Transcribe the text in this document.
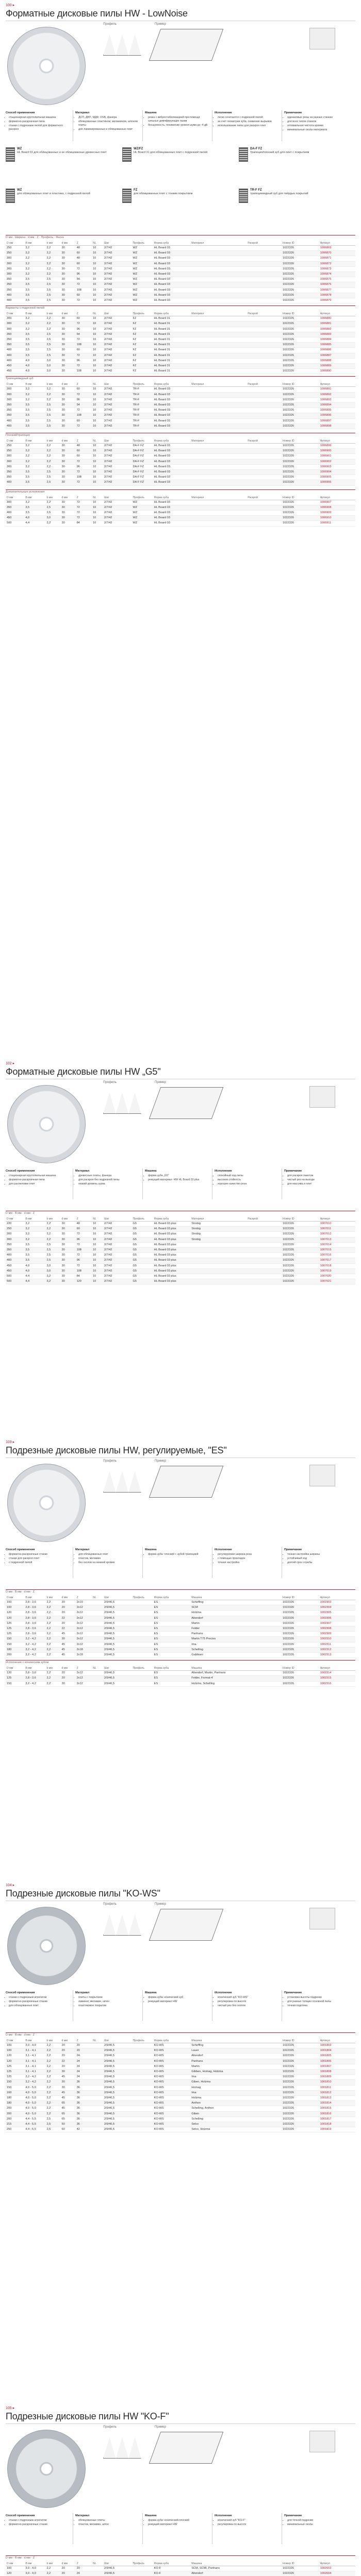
100 ▸
Форматные дисковые пилы HW - LowNoise
Профиль	Пример
Способ применения
• стационарная круглопильная машина
• форматно-раскроечная пила
• станки с подрезным пилой для форматного раскроя
Материал
• ДСП, ДВП, МДФ, OSB, фанера
• облицованные пластиком, меламином, шпоном плиты
• для ламинированных и облицованных плит
Машина
• резка с вибростабилизацией при помощи сильных демпфирующих пазов
• бесшумность, понижение уровня шума до -4 дБ
Исполнение
• легко сочетается с подрезной пилой
• за счёт геометрии зуба, снижение вырывов
• использование пилы для раскроя плит
Примечание
• одинаковые резы на разных станках
• для всех типов станков
• оптимальная чистота кромки
• минимальные сколы материала
WZ
HL Board 03 для облицованных и не облицованных древесных плит
WZ/FZ
HL Board 31 для облицованных плит с подрезной пилой
DA-F FZ
Трапеция/плоский зуб для плит с покрытием
WZ
для облицованных плит и пластика, с подрезной пилой
FZ
для облицованных плит с тонким покрытием
TR-F FZ
трапециевидный зуб для твёрдых покрытий
D мм · Ширина · d мм · Z · Профиль · Фаска
D мм	B мм	b мм	d мм	Z	NL	Шаг	Профиль	Форма зуба	Материал	Раскрой	Номер ID	Артикул
250	3,2	2,2	30	48	10	2/7/42	WZ	HL Board 03			1022326	1006869
250	3,2	2,2	30	60	10	2/7/42	WZ	HL Board 03			1022326	1006870
300	3,2	2,2	30	48	10	2/7/42	WZ	HL Board 03			1022326	1006871
300	3,2	2,2	30	60	10	2/7/42	WZ	HL Board 03			1022326	1006872
300	3,2	2,2	30	72	10	2/7/42	WZ	HL Board 03			1022326	1006873
300	3,2	2,2	30	96	10	2/7/42	WZ	HL Board 03			1022326	1006874
350	3,5	2,5	30	54	10	2/7/42	WZ	HL Board 03			1022326	1006875
350	3,5	2,5	30	72	10	2/7/42	WZ	HL Board 03			1022326	1006876
350	3,5	2,5	30	108	10	2/7/42	WZ	HL Board 03			1022326	1006877
400	3,5	2,5	30	60	10	2/7/42	WZ	HL Board 03			1022326	1006878
400	3,5	2,5	30	72	10	2/7/42	WZ	HL Board 03			1022326	1006879
Варианты с подрезной пилой
D мм	B мм	b мм	d мм	Z	NL	Шаг	Профиль	Форма зуба	Материал	Раскрой	Номер ID	Артикул
300	3,2	2,2	30	60	10	2/7/42	FZ	HL Board 31			1022326	1006880
300	3,2	2,2	30	72	10	2/7/42	FZ	HL Board 31			1022326	1006881
300	3,2	2,2	30	96	10	2/7/42	FZ	HL Board 31			1022326	1006882
350	3,5	2,5	30	54	10	2/7/42	FZ	HL Board 31			1022326	1006883
350	3,5	2,5	30	72	10	2/7/42	FZ	HL Board 31			1022326	1006884
350	3,5	2,5	30	108	10	2/7/42	FZ	HL Board 31			1022326	1006885
400	3,5	2,5	30	60	10	2/7/42	FZ	HL Board 31			1022326	1006886
400	3,5	2,5	30	72	10	2/7/42	FZ	HL Board 31			1022326	1006887
400	4,0	3,0	30	96	10	2/7/42	FZ	HL Board 31			1022326	1006888
450	4,0	3,0	30	72	10	2/7/42	FZ	HL Board 31			1022326	1006889
450	4,0	3,0	30	108	10	2/7/42	FZ	HL Board 31			1022326	1006890
Трапециевидный зуб
D мм	B мм	b мм	d мм	Z	NL	Шаг	Профиль	Форма зуба	Материал	Раскрой	Номер ID	Артикул
300	3,2	2,2	30	60	10	2/7/42	TR-F	HL Board 03			1022326	1006891
300	3,2	2,2	30	72	10	2/7/42	TR-F	HL Board 03			1022326	1006892
300	3,2	2,2	30	96	10	2/7/42	TR-F	HL Board 03			1022326	1006893
350	3,5	2,5	30	54	10	2/7/42	TR-F	HL Board 03			1022326	1006894
350	3,5	2,5	30	72	10	2/7/42	TR-F	HL Board 03			1022326	1006895
350	3,5	2,5	30	108	10	2/7/42	TR-F	HL Board 03			1022326	1006896
400	3,5	2,5	30	60	10	2/7/42	TR-F	HL Board 03			1022326	1006897
400	3,5	2,5	30	72	10	2/7/42	TR-F	HL Board 03			1022326	1006898
Плоский/трапеция
D мм	B мм	b мм	d мм	Z	NL	Шаг	Профиль	Форма зуба	Материал	Раскрой	Номер ID	Артикул
250	3,2	2,2	30	48	10	2/7/42	DA-F FZ	HL Board 03			1022326	1006899
250	3,2	2,2	30	60	10	2/7/42	DA-F FZ	HL Board 03			1022326	1006900
300	3,2	2,2	30	60	10	2/7/42	DA-F FZ	HL Board 03			1022326	1006901
300	3,2	2,2	30	72	10	2/7/42	DA-F FZ	HL Board 03			1022326	1006902
300	3,2	2,2	30	96	10	2/7/42	DA-F FZ	HL Board 03			1022326	1006903
350	3,5	2,5	30	72	10	2/7/42	DA-F FZ	HL Board 03			1022326	1006904
350	3,5	2,5	30	108	10	2/7/42	DA-F FZ	HL Board 03			1022326	1006905
400	3,5	2,5	30	72	10	2/7/42	DA-F FZ	HL Board 03			1022326	1006906
Дополнительные исполнения
D мм	B мм	b мм	d мм	Z	NL	Шаг	Профиль	Форма зуба	Материал	Раскрой	Номер ID	Артикул
300	3,2	2,2	30	72	10	2/7/42	WZ	HL Board 03			1022326	1006907
350	3,5	2,5	30	72	10	2/7/42	WZ	HL Board 03			1022326	1006908
400	3,5	2,5	30	72	10	2/7/42	WZ	HL Board 03			1022326	1006909
450	4,0	3,0	30	72	10	2/7/42	WZ	HL Board 03			1022326	1006910
500	4,4	3,2	30	84	10	2/7/42	WZ	HL Board 03			1022326	1006911
102 ▸
Форматные дисковые пилы HW „G5"
Профиль	Пример
Способ применения
• стационарная круглопильная машина
• форматно-раскроечная пила
• для распиловки плит
Материал
• древесные плиты, фанера
• для раскроя без подрезной пилы
• низкий уровень шума
Машина
• форма зуба „G5"
• режущий материал: HW HL Board 03 plus
Исполнение
• спокойный ход пилы
• высокая стойкость
• хорошее качество реза
Примечание
• для раскроя пакетом
• чистый рез на выходе
• для массива и плит
D мм · B мм · d мм · Z
D мм	B мм	b мм	d мм	Z	NL	Шаг	Профиль	Форма зуба	Материал	Раскрой	Номер ID	Артикул
220	3,2	2,2	30	48	10	2/7/42	G5	HL Board 03 plus	Strobig		1022326	1007010
250	3,2	2,2	30	60	10	2/7/42	G5	HL Board 03 plus	Strobig		1022326	1007011
300	3,2	2,2	30	72	10	2/7/42	G5	HL Board 03 plus	Strobig		1022326	1007012
300	3,2	2,2	30	96	10	2/7/42	G5	HL Board 03 plus	Strobig		1022326	1007013
350	3,5	2,5	30	72	10	2/7/42	G5	HL Board 03 plus			1022326	1007014
350	3,5	2,5	30	108	10	2/7/42	G5	HL Board 03 plus			1022326	1007015
400	3,5	2,5	30	72	10	2/7/42	G5	HL Board 03 plus			1022326	1007016
400	3,5	2,5	30	96	10	2/7/42	G5	HL Board 03 plus			1022326	1007017
450	4,0	3,0	30	72	10	2/7/42	G5	HL Board 03 plus			1022326	1007018
450	4,0	3,0	30	108	10	2/7/42	G5	HL Board 03 plus			1022326	1007019
500	4,4	3,2	30	84	10	2/7/42	G5	HL Board 03 plus			1022326	1007020
500	4,4	3,2	30	120	10	2/7/42	G5	HL Board 03 plus			1022326	1007021
103 ▸
Подрезные дисковые пилы HW, регулируемые, "ES"
Профиль	Пример
Способ применения
• форматно-раскроечные станки
• станки для раскроя плит
• с подрезной пилой
Материал
• для облицованных плит
• пластик, меламин
• без сколов на нижней кромке
Машина
• форма зуба: плоский + зубой трапецией
Исполнение
• регулируемая ширина реза
• с помощью прокладок
• точная настройка
Примечание
• тонкая настройка ширины
• устойчивый ход
• долгий срок службы
D мм · B мм · d мм · Z
D мм	B мм	b мм	d мм	Z	NL	Шаг	Профиль	Форма зуба	Машина		Номер ID	Артикул
100	2,8 - 3,6	2,2	20	2x10		2/9/46,5		ES	Scheffing		1022326	1002303
100	2,8 - 3,6	2,2	20	2x12		2/9/46,5		ES	SCM		1022326	1002304
120	2,8 - 3,6	2,2	20	2x12		2/9/46,5		ES	Holzma		1022326	1002305
120	2,8 - 3,6	2,2	22	2x12		2/9/46,5		ES	Altendorf		1022326	1002306
125	2,8 - 3,6	2,2	20	2x12		2/9/46,5		ES	Martin		1022326	1002307
125	2,8 - 3,6	2,2	22	2x12		2/9/46,5		ES	Felder		1022326	1002308
125	2,8 - 3,6	2,2	45	2x12		2/9/46,5		ES	Panhans		1022326	1002309
150	3,2 - 4,2	2,2	30	2x12		2/9/46,5		ES	Martin T75 Preciso		1022326	1002310
150	3,2 - 4,2	2,2	45	2x12		2/9/46,5		ES	Ima		1022326	1002311
180	3,2 - 4,2	2,2	45	2x18		2/9/46,5		ES	Schelling		1022326	1002312
200	3,2 - 4,2	2,2	45	2x18		2/9/46,5		ES	Gabbiani		1022326	1002313
Исполнение с коническим зубом
D мм	B мм	b мм	d мм	Z	NL	Шаг	Профиль	Форма зуба	Машина		Номер ID	Артикул
120	2,8 - 3,6	2,2	20	2x12		2/9/46,5		ES	Altendorf, Martin, Panhans		1022326	1002314
125	2,8 - 3,6	2,2	20	2x12		2/9/46,5		ES	Felder, Format-4		1022326	1002315
150	3,2 - 4,2	2,2	30	2x12		2/9/46,5		ES	Holzma, Schelling		1022326	1002316
104 ▸
Подрезные дисковые пилы "KO-WS"
Профиль	Пример
Способ применения
• станки с подрезным агрегатом
• форматно-раскроечные станки
• для облицованных плит
Материал
• плиты с покрытием
• ламинат, меламин, шпон
• пластиковое покрытие
Машина
• форма зуба: конический зуб
• режущий материал HW
Исполнение
• конический зуб "KO-WS"
• регулировка по высоте
• чистый рез без сколов
Примечание
• установка высоты подрезки
• для разных толщин основной пилы
• точная подгонка
D мм · B мм · d мм · Z
D мм	B мм	b мм	d мм	Z	NL	Шаг	Профиль	Форма зуба	Машина		Номер ID	Артикул
100	3,0 - 4,0	2,2	20	20		2/9/46,5		KO-WS	Scheffing		1022326	1001803
100	3,1 - 4,1	2,2	20	20		2/9/46,5		KO-WS	Lauer		1022326	1001804
120	3,1 - 4,1	2,2	20	24		2/9/46,5		KO-WS	Altendorf		1022326	1001805
120	3,1 - 4,1	2,2	22	24		2/9/46,5		KO-WS	Panhans		1022326	1001806
125	3,1 - 4,1	2,2	20	24		2/9/46,5		KO-WS	Martin		1022326	1001807
125	3,1 - 4,1	2,2	30	24		2/9/46,5		KO-WS	Gibben, Homag, Holzma		1022326	1001808
125	3,2 - 4,2	2,2	45	24		2/9/46,5		KO-WS	Ima		1022326	1001809
150	3,2 - 4,2	2,2	30	36		2/9/46,5		KO-WS	Giben, Holzma		1022326	1001810
150	4,0 - 5,0	2,2	30	36		2/9/46,5		KO-WS	Homag		1022326	1001811
160	4,0 - 5,0	2,2	45	36		2/9/46,5		KO-WS	Ima		1022326	1001812
180	4,0 - 5,0	2,2	45	36		2/9/46,5		KO-WS	Holzma		1022326	1001813
180	4,0 - 5,0	2,2	65	36		2/9/46,5		KO-WS	Anthon		1022326	1001814
200	4,0 - 5,0	2,2	45	36		2/9/46,5		KO-WS	Schelling, Anthon		1022326	1001815
200	4,0 - 5,0	2,2	65	36		2/9/46,5		KO-WS	Giben		1022326	1001816
200	4,4 - 5,5	2,5	65	36		2/9/46,5		KO-WS	Schelling		1022326	1001817
215	4,4 - 5,5	2,5	50	36		2/9/46,5		KO-WS	Selco		1022326	1001818
250	4,4 - 5,5	2,5	60	42		2/9/46,5		KO-WS	Selco, Holzma		1022326	1001819
105 ▸
Подрезные дисковые пилы HW "KO-F"
Профиль	Пример
Способ применения
• станки с подрезным агрегатом
• форматно-раскроечные станки
Материал
• облицованные плиты
• пластик, меламин, шпон
Машина
• форма зуба: конический-плоский
• режущий материал HW
Исполнение
• конический зуб "KO-F"
• регулировка по высоте
Примечание
• для точной подрезки
• минимальные сколы
D мм · B мм · d мм · Z
D мм	B мм	b мм	d мм	Z	NL	Шаг	Профиль	Форма зуба	Машина		Номер ID	Артикул
100	3,0 - 4,0	2,2	20	20		2/9/46,5		KO-F	SCM, SCMI, Panhans		1022326	1002603
120	3,0 - 4,0	2,2	20	24		2/9/46,5		KO-F	Altendorf		1022326	1002604
